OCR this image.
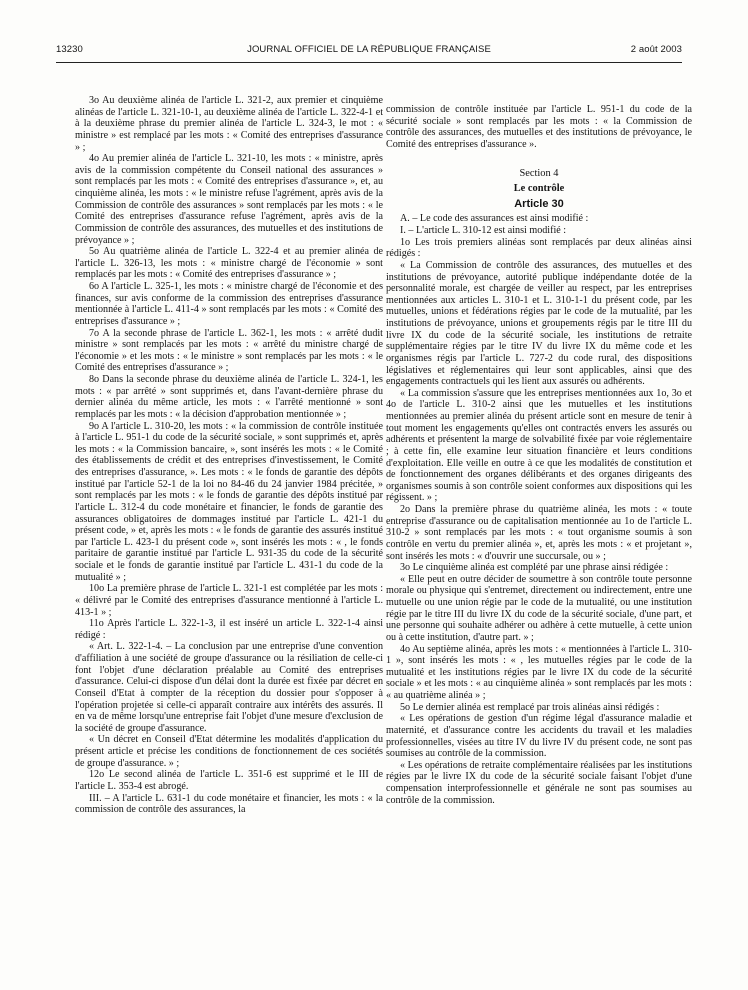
13230	JOURNAL OFFICIEL DE LA RÉPUBLIQUE FRANÇAISE	2 août 2003

3o Au deuxième alinéa de l'article L. 321-2, aux premier et cinquième alinéas de l'article L. 321-10-1, au deuxième alinéa de l'article L. 322-4-1 et à la deuxième phrase du premier alinéa de l'article L. 324-3, le mot : « ministre » est remplacé par les mots : « Comité des entreprises d'assurance » ;

4o Au premier alinéa de l'article L. 321-10, les mots : « ministre, après avis de la commission compétente du Conseil national des assurances » sont remplacés par les mots : « Comité des entreprises d'assurance », et, au cinquième alinéa, les mots : « le ministre refuse l'agrément, après avis de la Commission de contrôle des assurances » sont remplacés par les mots : « le Comité des entreprises d'assurance refuse l'agrément, après avis de la Commission de contrôle des assurances, des mutuelles et des institutions de prévoyance » ;

5o Au quatrième alinéa de l'article L. 322-4 et au premier alinéa de l'article L. 326-13, les mots : « ministre chargé de l'économie » sont remplacés par les mots : « Comité des entreprises d'assurance » ;

6o A l'article L. 325-1, les mots : « ministre chargé de l'économie et des finances, sur avis conforme de la commission des entreprises d'assurance mentionnée à l'article L. 411-4 » sont remplacés par les mots : « Comité des entreprises d'assurance » ;

7o A la seconde phrase de l'article L. 362-1, les mots : « arrêté dudit ministre » sont remplacés par les mots : « arrêté du ministre chargé de l'économie » et les mots : « le ministre » sont remplacés par les mots : « le Comité des entreprises d'assurance » ;

8o Dans la seconde phrase du deuxième alinéa de l'article L. 324-1, les mots : « par arrêté » sont supprimés et, dans l'avant-dernière phrase du dernier alinéa du même article, les mots : « l'arrêté mentionné » sont remplacés par les mots : « la décision d'approbation mentionnée » ;

9o A l'article L. 310-20, les mots : « la commission de contrôle instituée à l'article L. 951-1 du code de la sécurité sociale, » sont supprimés et, après les mots : « la Commission bancaire, », sont insérés les mots : « le Comité des établissements de crédit et des entreprises d'investissement, le Comité des entreprises d'assurance, ». Les mots : « le fonds de garantie des dépôts institué par l'article 52-1 de la loi no 84-46 du 24 janvier 1984 précitée, » sont remplacés par les mots : « le fonds de garantie des dépôts institué par l'article L. 312-4 du code monétaire et financier, le fonds de garantie des assurances obligatoires de dommages institué par l'article L. 421-1 du présent code, » et, après les mots : « le fonds de garantie des assurés institué par l'article L. 423-1 du présent code », sont insérés les mots : « , le fonds paritaire de garantie institué par l'article L. 931-35 du code de la sécurité sociale et le fonds de garantie institué par l'article L. 431-1 du code de la mutualité » ;

10o La première phrase de l'article L. 321-1 est complétée par les mots : « délivré par le Comité des entreprises d'assurance mentionné à l'article L. 413-1 » ;

11o Après l'article L. 322-1-3, il est inséré un article L. 322-1-4 ainsi rédigé :

« Art. L. 322-1-4. – La conclusion par une entreprise d'une convention d'affiliation à une société de groupe d'assurance ou la résiliation de celle-ci font l'objet d'une déclaration préalable au Comité des entreprises d'assurance. Celui-ci dispose d'un délai dont la durée est fixée par décret en Conseil d'Etat à compter de la réception du dossier pour s'opposer à l'opération projetée si celle-ci apparaît contraire aux intérêts des assurés. Il en va de même lorsqu'une entreprise fait l'objet d'une mesure d'exclusion de la société de groupe d'assurance.

« Un décret en Conseil d'Etat détermine les modalités d'application du présent article et précise les conditions de fonctionnement de ces sociétés de groupe d'assurance. » ;

12o Le second alinéa de l'article L. 351-6 est supprimé et le III de l'article L. 353-4 est abrogé.

III. – A l'article L. 631-1 du code monétaire et financier, les mots : « la commission de contrôle des assurances, la

commission de contrôle instituée par l'article L. 951-1 du code de la sécurité sociale » sont remplacés par les mots : « la Commission de contrôle des assurances, des mutuelles et des institutions de prévoyance, le Comité des entreprises d'assurance ».

Section 4

Le contrôle

Article 30

A. – Le code des assurances est ainsi modifié :

I. – L'article L. 310-12 est ainsi modifié :

1o Les trois premiers alinéas sont remplacés par deux alinéas ainsi rédigés :

« La Commission de contrôle des assurances, des mutuelles et des institutions de prévoyance, autorité publique indépendante dotée de la personnalité morale, est chargée de veiller au respect, par les entreprises mentionnées aux articles L. 310-1 et L. 310-1-1 du présent code, par les mutuelles, unions et fédérations régies par le code de la mutualité, par les institutions de prévoyance, unions et groupements régis par le titre III du livre IX du code de la sécurité sociale, les institutions de retraite supplémentaire régies par le titre IV du livre IX du même code et les organismes régis par l'article L. 727-2 du code rural, des dispositions législatives et réglementaires qui leur sont applicables, ainsi que des engagements contractuels qui les lient aux assurés ou adhérents.

« La commission s'assure que les entreprises mentionnées aux 1o, 3o et 4o de l'article L. 310-2 ainsi que les mutuelles et les institutions mentionnées au premier alinéa du présent article sont en mesure de tenir à tout moment les engagements qu'elles ont contractés envers les assurés ou adhérents et présentent la marge de solvabilité fixée par voie réglementaire ; à cette fin, elle examine leur situation financière et leurs conditions d'exploitation. Elle veille en outre à ce que les modalités de constitution et de fonctionnement des organes délibérants et des organes dirigeants des organismes soumis à son contrôle soient conformes aux dispositions qui les régissent. » ;

2o Dans la première phrase du quatrième alinéa, les mots : « toute entreprise d'assurance ou de capitalisation mentionnée au 1o de l'article L. 310-2 » sont remplacés par les mots : « tout organisme soumis à son contrôle en vertu du premier alinéa », et, après les mots : « et projetant », sont insérés les mots : « d'ouvrir une succursale, ou » ;

3o Le cinquième alinéa est complété par une phrase ainsi rédigée :

« Elle peut en outre décider de soumettre à son contrôle toute personne morale ou physique qui s'entremet, directement ou indirectement, entre une mutuelle ou une union régie par le code de la mutualité, ou une institution régie par le titre III du livre IX du code de la sécurité sociale, d'une part, et une personne qui souhaite adhérer ou adhère à cette mutuelle, à cette union ou à cette institution, d'autre part. » ;

4o Au septième alinéa, après les mots : « mentionnées à l'article L. 310-1 », sont insérés les mots : « , les mutuelles régies par le code de la mutualité et les institutions régies par le livre IX du code de la sécurité sociale » et les mots : « au cinquième alinéa » sont remplacés par les mots : « au quatrième alinéa » ;

5o Le dernier alinéa est remplacé par trois alinéas ainsi rédigés :

« Les opérations de gestion d'un régime légal d'assurance maladie et maternité, et d'assurance contre les accidents du travail et les maladies professionnelles, visées au titre IV du livre IV du présent code, ne sont pas soumises au contrôle de la commission.

« Les opérations de retraite complémentaire réalisées par les institutions régies par le livre IX du code de la sécurité sociale faisant l'objet d'une compensation interprofessionnelle et générale ne sont pas soumises au contrôle de la commission.
